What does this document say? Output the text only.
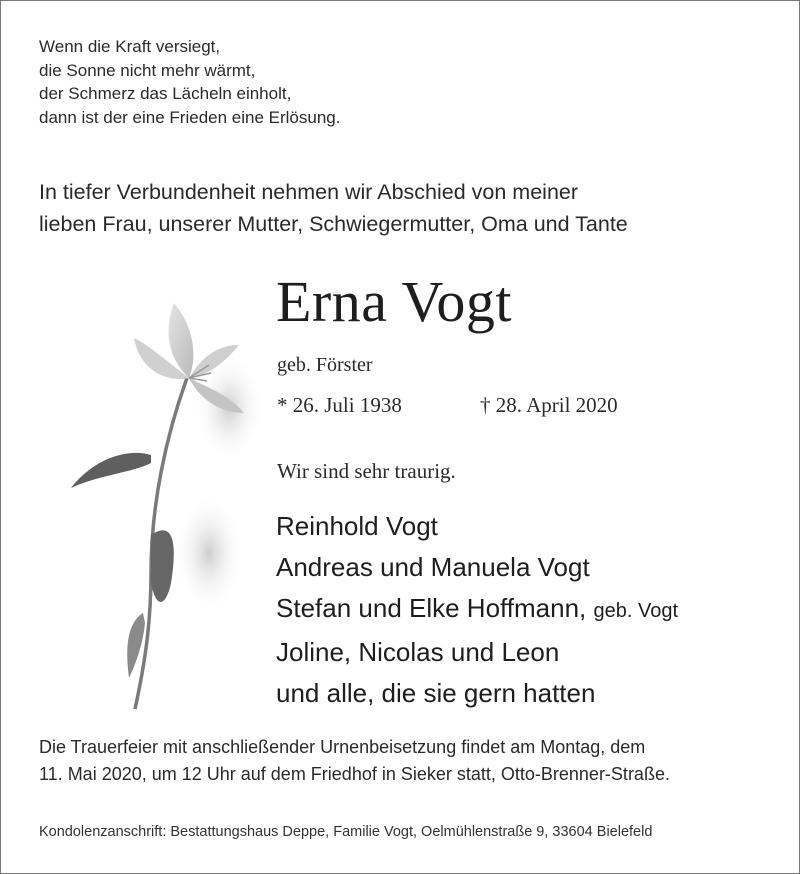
Wenn die Kraft versiegt,
die Sonne nicht mehr wärmt,
der Schmerz das Lächeln einholt,
dann ist der eine Frieden eine Erlösung.
In tiefer Verbundenheit nehmen wir Abschied von meiner
lieben Frau, unserer Mutter, Schwiegermutter, Oma und Tante
Erna Vogt
geb. Förster
* 26. Juli 1938	† 28. April 2020
Wir sind sehr traurig.
Reinhold Vogt
Andreas und Manuela Vogt
Stefan und Elke Hoffmann, geb. Vogt
Joline, Nicolas und Leon
und alle, die sie gern hatten
Die Trauerfeier mit anschließender Urnenbeisetzung findet am Montag, dem
11. Mai 2020, um 12 Uhr auf dem Friedhof in Sieker statt, Otto-Brenner-Straße.
Kondolenzanschrift: Bestattungshaus Deppe, Familie Vogt, Oelmühlenstraße 9, 33604 Bielefeld
